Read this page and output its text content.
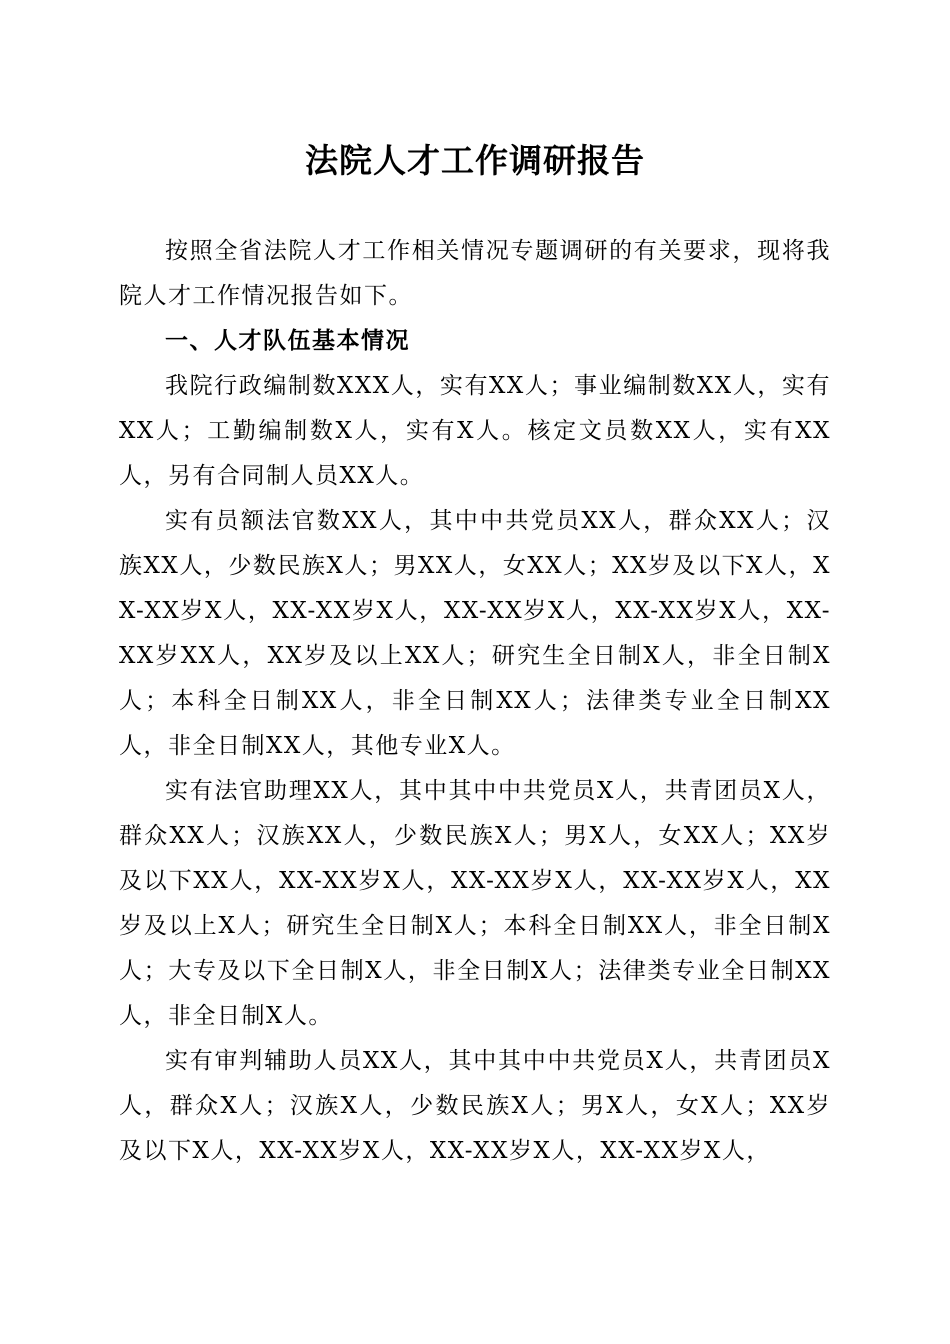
法院人才工作调研报告

按照全省法院人才工作相关情况专题调研的有关要求，现将我院人才工作情况报告如下。

一、人才队伍基本情况

我院行政编制数XXX人，实有XX人；事业编制数XX人，实有XX人；工勤编制数X人，实有X人。核定文员数XX人，实有XX人，另有合同制人员XX人。

实有员额法官数XX人，其中中共党员XX人，群众XX人；汉族XX人，少数民族X人；男XX人，女XX人；XX岁及以下X人，XX-XX岁X人，XX-XX岁X人，XX-XX岁X人，XX-XX岁X人，XX-XX岁XX人，XX岁及以上XX人；研究生全日制X人，非全日制X人；本科全日制XX人，非全日制XX人；法律类专业全日制XX人，非全日制XX人，其他专业X人。

实有法官助理XX人，其中其中中共党员X人，共青团员X人，群众XX人；汉族XX人，少数民族X人；男X人，女XX人；XX岁及以下XX人，XX-XX岁X人，XX-XX岁X人，XX-XX岁X人，XX岁及以上X人；研究生全日制X人；本科全日制XX人，非全日制X人；大专及以下全日制X人，非全日制X人；法律类专业全日制XX人，非全日制X人。

实有审判辅助人员XX人，其中其中中共党员X人，共青团员X人，群众X人；汉族X人，少数民族X人；男X人，女X人；XX岁及以下X人，XX-XX岁X人，XX-XX岁X人，XX-XX岁X人，
